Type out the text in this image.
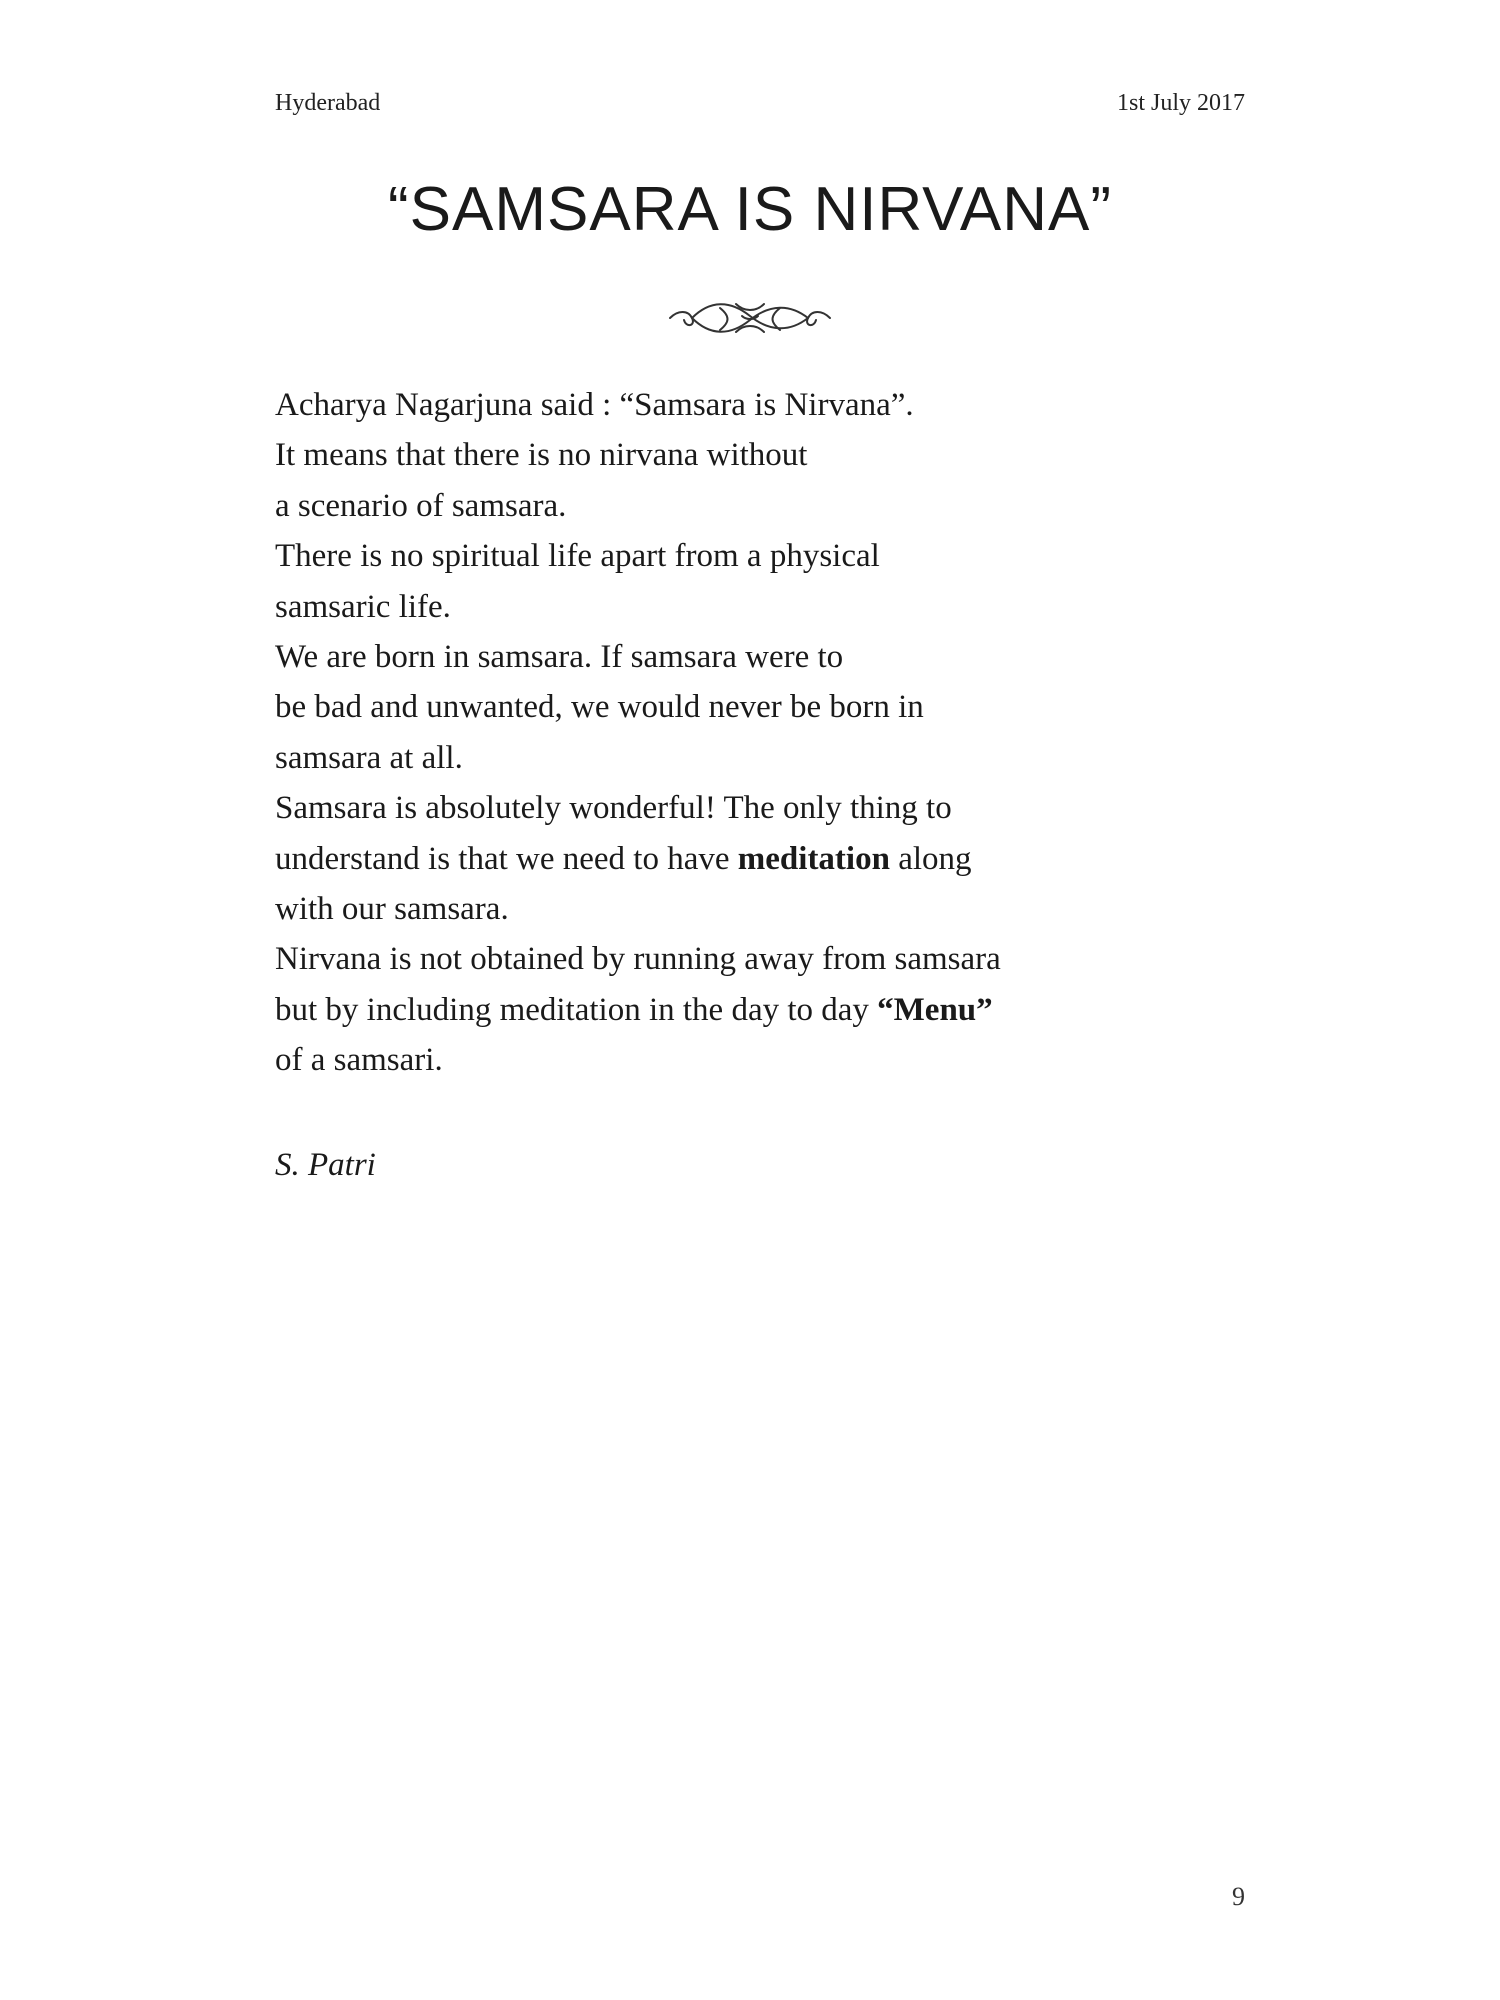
Hyderabad	1st July 2017
“SAMSARA IS NIRVANA”
Acharya Nagarjuna said : “Samsara is Nirvana”.
It means that there is no nirvana without
a scenario of samsara.
There is no spiritual life apart from a physical
samsaric life.
We are born in samsara. If samsara were to
be bad and unwanted, we would never be born in
samsara at all.
Samsara is absolutely wonderful! The only thing to
understand is that we need to have meditation along
with our samsara.
Nirvana is not obtained by running away from samsara
but by including meditation in the day to day “Menu”
of a samsari.
S. Patri
9
